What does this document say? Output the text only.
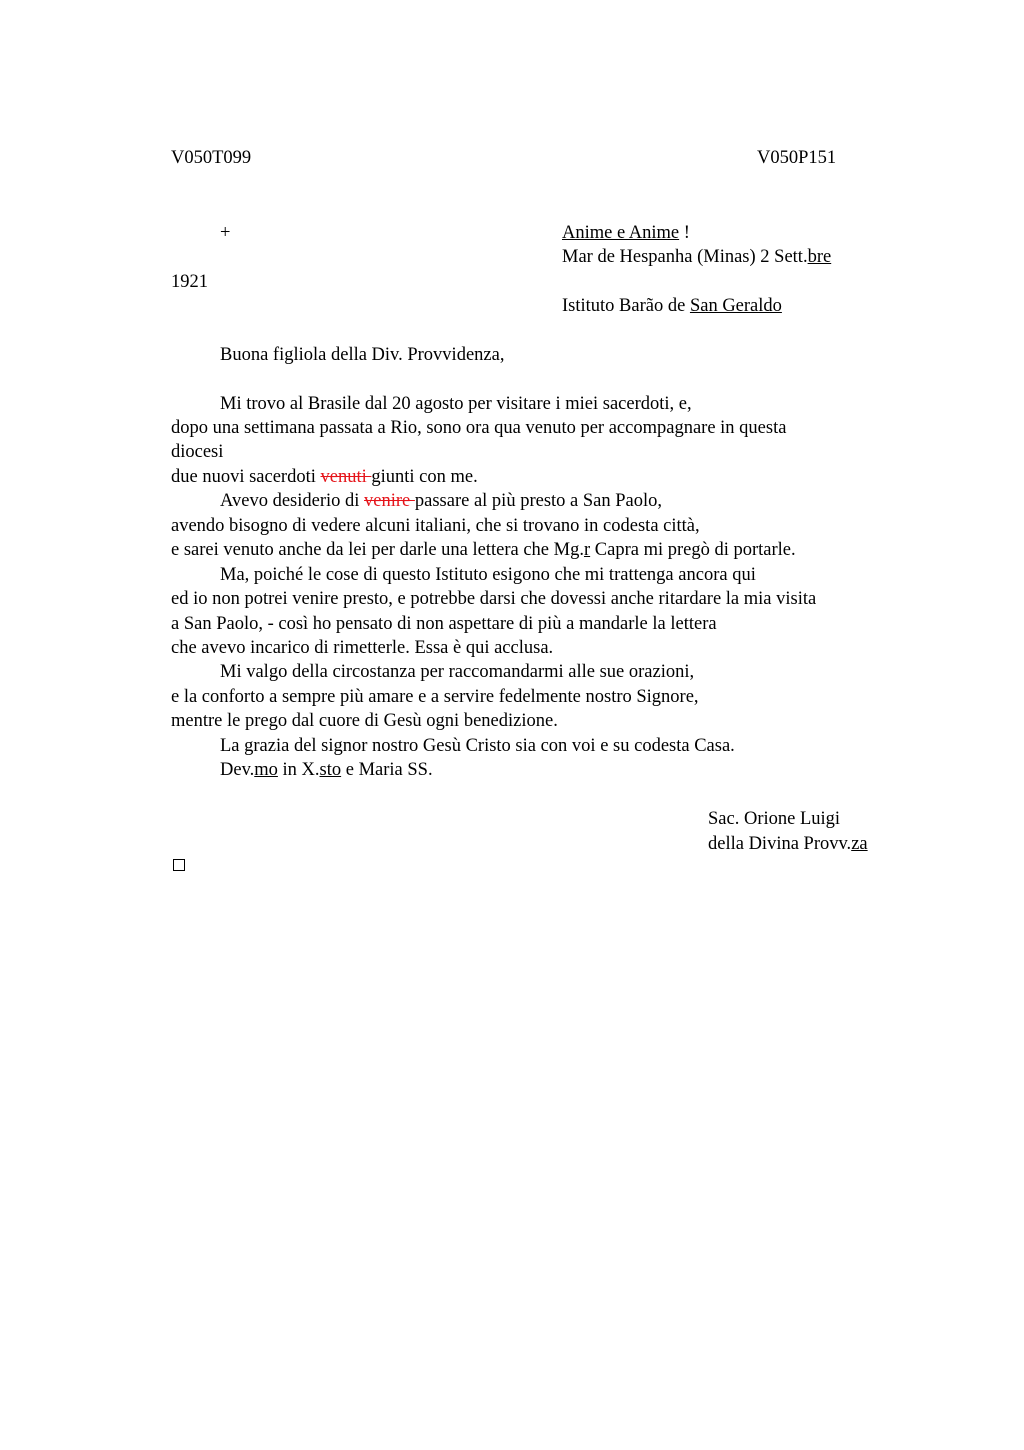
V050T099	V050P151
+	Anime e Anime !
Mar de Hespanha (Minas) 2 Sett.bre
1921
Istituto Barão de San Geraldo
Buona figliola della Div. Provvidenza,
Mi trovo al Brasile dal 20 agosto per visitare i miei sacerdoti, e,
dopo una settimana passata a Rio, sono ora qua venuto per accompagnare in questa
diocesi
due nuovi sacerdoti venuti giunti con me.
Avevo desiderio di venire passare al più presto a San Paolo,
avendo bisogno di vedere alcuni italiani, che si trovano in codesta città,
e sarei venuto anche da lei per darle una lettera che Mg.r Capra mi pregò di portarle.
Ma, poiché le cose di questo Istituto esigono che mi trattenga ancora qui
ed io non potrei venire presto, e potrebbe darsi che dovessi anche ritardare la mia visita
a San Paolo, - così ho pensato di non aspettare di più a mandarle la lettera
che avevo incarico di rimetterle. Essa è qui acclusa.
Mi valgo della circostanza per raccomandarmi alle sue orazioni,
e la conforto a sempre più amare e a servire fedelmente nostro Signore,
mentre le prego dal cuore di Gesù ogni benedizione.
La grazia del signor nostro Gesù Cristo sia con voi e su codesta Casa.
Dev.mo in X.sto e Maria SS.
Sac. Orione Luigi
della Divina Provv.za
